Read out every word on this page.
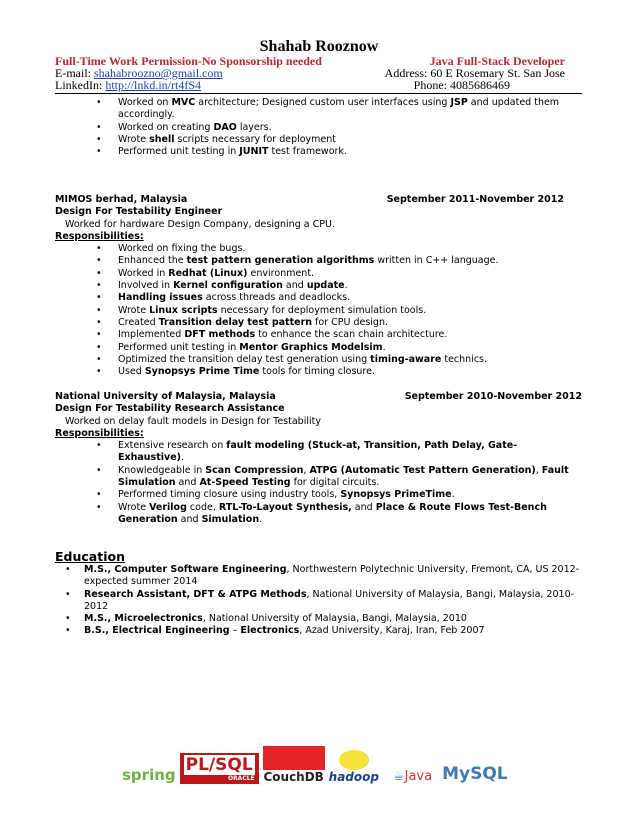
Shahab Rooznow
Full-Time Work Permission-No Sponsorship needed	Java Full-Stack Developer
E-mail: shahabroozno@gmail.com	Address: 60 E Rosemary St. San Jose
LinkedIn: http://lnkd.in/rt4fS4	Phone: 4085686469
• Worked on MVC architecture; Designed custom user interfaces using JSP and updated them accordingly.
• Worked on creating DAO layers.
• Wrote shell scripts necessary for deployment
• Performed unit testing in JUNIT test framework.
MIMOS berhad, Malaysia	September 2011-November 2012
Design For Testability Engineer
Worked for hardware Design Company, designing a CPU.
Responsibilities:
• Worked on fixing the bugs.
• Enhanced the test pattern generation algorithms written in C++ language.
• Worked in Redhat (Linux) environment.
• Involved in Kernel configuration and update.
• Handling issues across threads and deadlocks.
• Wrote Linux scripts necessary for deployment simulation tools.
• Created Transition delay test pattern for CPU design.
• Implemented DFT methods to enhance the scan chain architecture.
• Performed unit testing in Mentor Graphics Modelsim.
• Optimized the transition delay test generation using timing-aware technics.
• Used Synopsys Prime Time tools for timing closure.
National University of Malaysia, Malaysia	September 2010-November 2012
Design For Testability Research Assistance
Worked on delay fault models in Design for Testability
Responsibilities:
• Extensive research on fault modeling (Stuck-at, Transition, Path Delay, Gate-Exhaustive).
• Knowledgeable in Scan Compression, ATPG (Automatic Test Pattern Generation), Fault Simulation and At-Speed Testing for digital circuits.
• Performed timing closure using industry tools, Synopsys PrimeTime.
• Wrote Verilog code, RTL-To-Layout Synthesis, and Place & Route Flows Test-Bench Generation and Simulation.
Education
• M.S., Computer Software Engineering, Northwestern Polytechnic University, Fremont, CA, US 2012-expected summer 2014
• Research Assistant, DFT & ATPG Methods, National University of Malaysia, Bangi, Malaysia, 2010-2012
• M.S., Microelectronics, National University of Malaysia, Bangi, Malaysia, 2010
• B.S., Electrical Engineering – Electronics, Azad University, Karaj, Iran, Feb 2007
spring PL/SQL
ORACLE CouchDB hadoop ☕Java MySQL
